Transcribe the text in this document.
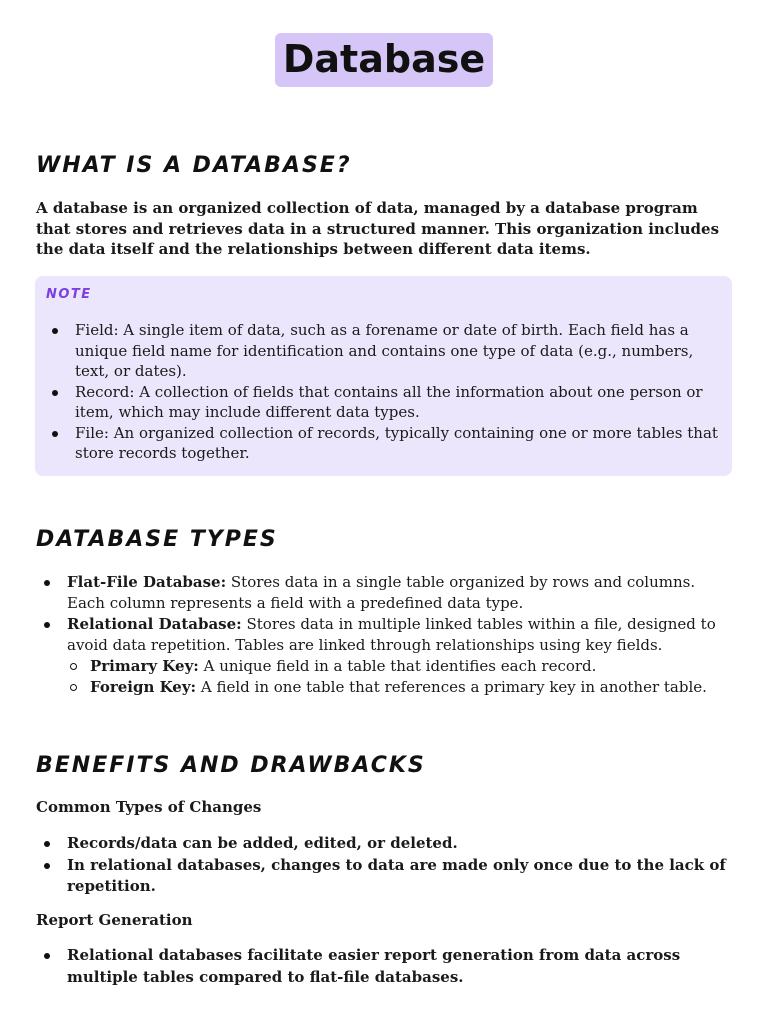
Database
WHAT IS A DATABASE?

A database is an organized collection of data, managed by a database program that stores and retrieves data in a structured manner. This organization includes the data itself and the relationships between different data items.

NOTE
Field: A single item of data, such as a forename or date of birth. Each field has a unique field name for identification and contains one type of data (e.g., numbers, text, or dates).
Record: A collection of fields that contains all the information about one person or item, which may include different data types.
File: An organized collection of records, typically containing one or more tables that store records together.
DATABASE TYPES
Flat-File Database: Stores data in a single table organized by rows and columns. Each column represents a field with a predefined data type.
Relational Database: Stores data in multiple linked tables within a file, designed to avoid data repetition. Tables are linked through relationships using key fields.
Primary Key: A unique field in a table that identifies each record.
Foreign Key: A field in one table that references a primary key in another table.
BENEFITS AND DRAWBACKS

Common Types of Changes

Records/data can be added, edited, or deleted.
In relational databases, changes to data are made only once due to the lack of repetition.

Report Generation

Relational databases facilitate easier report generation from data across multiple tables compared to flat-file databases.
